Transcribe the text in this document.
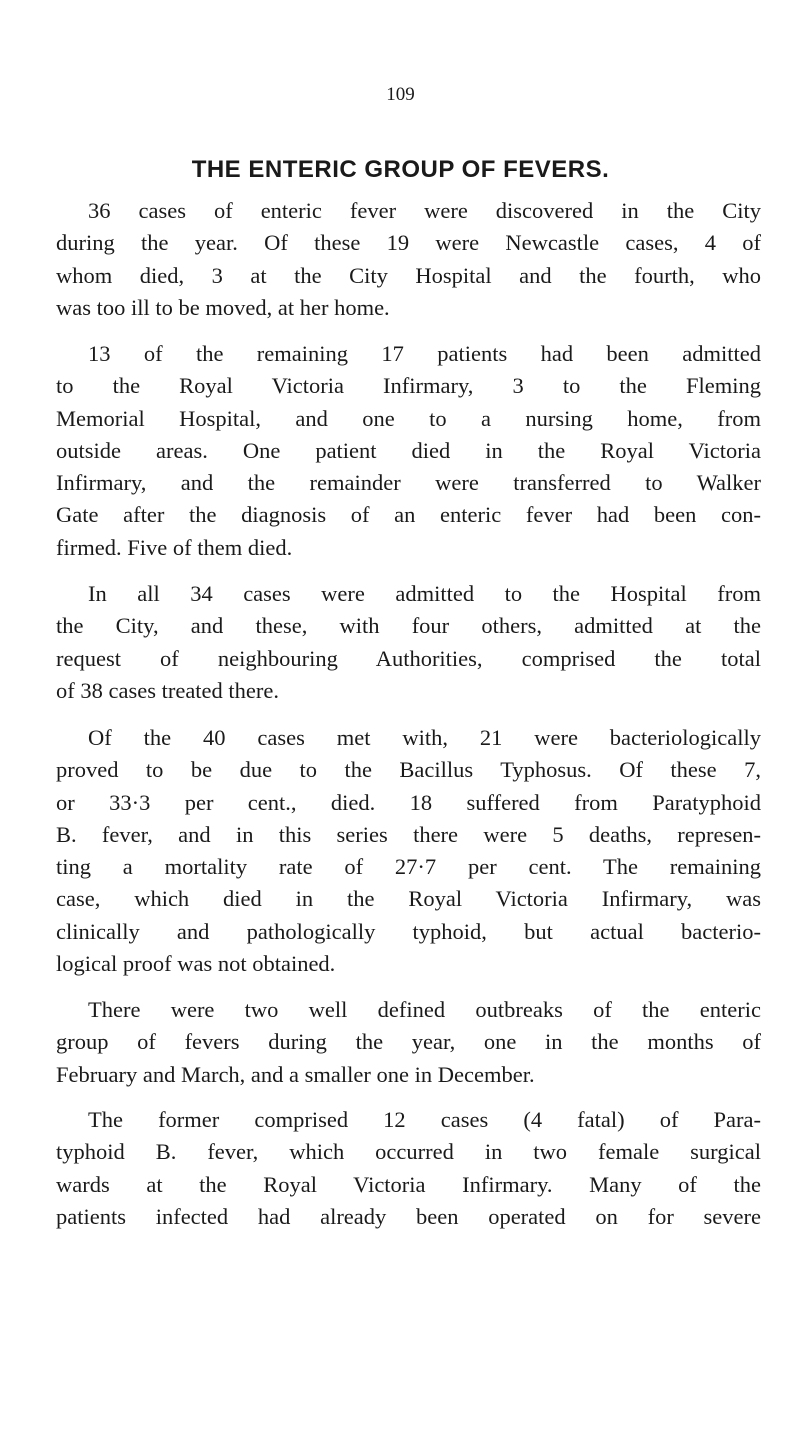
109
THE ENTERIC GROUP OF FEVERS.
36 cases of enteric fever were discovered in the City
during the year. Of these 19 were Newcastle cases, 4 of
whom died, 3 at the City Hospital and the fourth, who
was too ill to be moved, at her home.
13 of the remaining 17 patients had been admitted
to the Royal Victoria Infirmary, 3 to the Fleming
Memorial Hospital, and one to a nursing home, from
outside areas. One patient died in the Royal Victoria
Infirmary, and the remainder were transferred to Walker
Gate after the diagnosis of an enteric fever had been con-
firmed. Five of them died.
In all 34 cases were admitted to the Hospital from
the City, and these, with four others, admitted at the
request of neighbouring Authorities, comprised the total
of 38 cases treated there.
Of the 40 cases met with, 21 were bacteriologically
proved to be due to the Bacillus Typhosus. Of these 7,
or 33·3 per cent., died. 18 suffered from Paratyphoid
B. fever, and in this series there were 5 deaths, represen-
ting a mortality rate of 27·7 per cent. The remaining
case, which died in the Royal Victoria Infirmary, was
clinically and pathologically typhoid, but actual bacterio-
logical proof was not obtained.
There were two well defined outbreaks of the enteric
group of fevers during the year, one in the months of
February and March, and a smaller one in December.
The former comprised 12 cases (4 fatal) of Para-
typhoid B. fever, which occurred in two female surgical
wards at the Royal Victoria Infirmary. Many of the
patients infected had already been operated on for severe
